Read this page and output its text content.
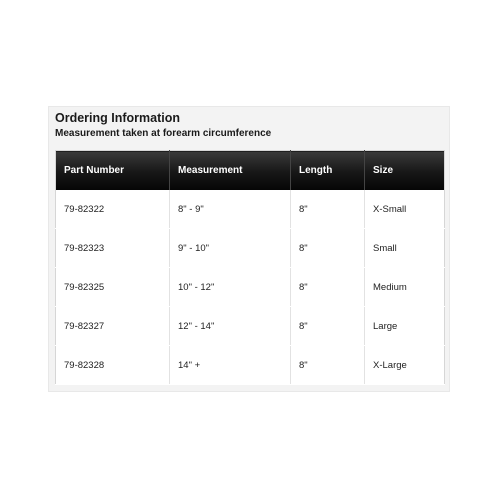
Ordering Information

Measurement taken at forearm circumference

Part Number	Measurement	Length	Size
79-82322	8" - 9"	8"	X-Small
79-82323	9" - 10"	8"	Small
79-82325	10" - 12"	8"	Medium
79-82327	12" - 14"	8"	Large
79-82328	14" +	8"	X-Large
